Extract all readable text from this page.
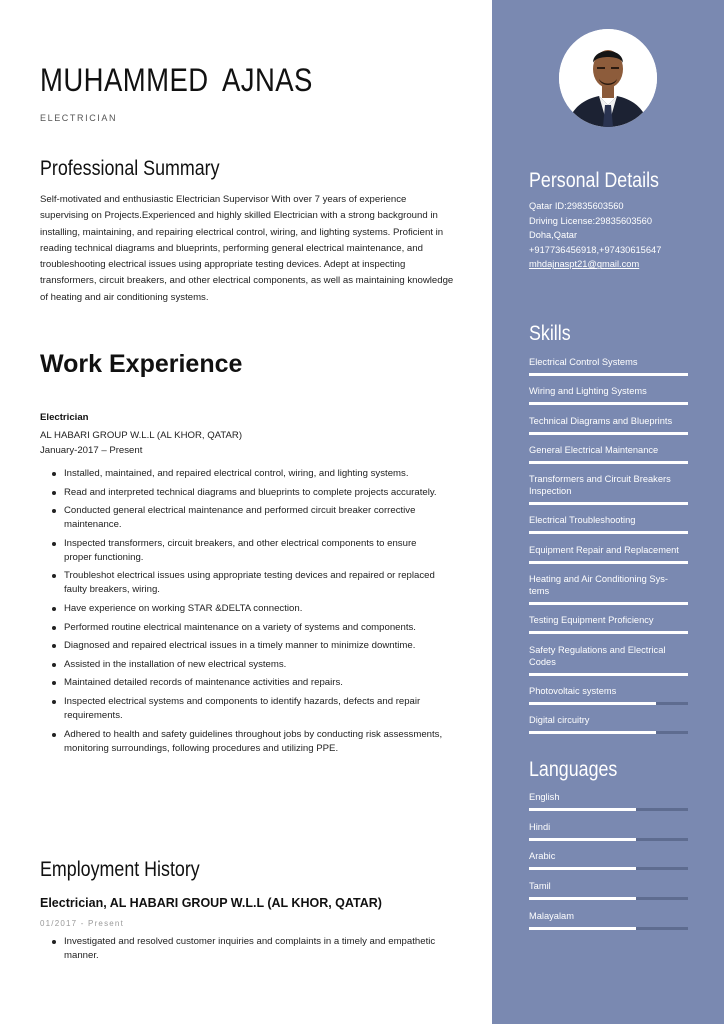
MUHAMMED AJNAS
ELECTRICIAN
Professional Summary

Self-motivated and enthusiastic Electrician Supervisor With over 7 years of experience supervising on Projects.Experienced and highly skilled Electrician with a strong background in installing, maintaining, and repairing electrical control, wiring, and lighting systems. Proficient in reading technical diagrams and blueprints, performing general electrical maintenance, and troubleshooting electrical issues using appropriate testing devices. Adept at inspecting transformers, circuit breakers, and other electrical components, as well as maintaining knowledge of heating and air conditioning systems.

Work Experience
Electrician
AL HABARI GROUP W.L.L (AL KHOR, QATAR)
January-2017 – Present
Installed, maintained, and repaired electrical control, wiring, and lighting systems.
Read and interpreted technical diagrams and blueprints to complete projects accurately.
Conducted general electrical maintenance and performed circuit breaker corrective maintenance.
Inspected transformers, circuit breakers, and other electrical components to ensure proper functioning.
Troubleshot electrical issues using appropriate testing devices and repaired or replaced faulty breakers, wiring.
Have experience on working STAR &DELTA connection.
Performed routine electrical maintenance on a variety of systems and components.
Diagnosed and repaired electrical issues in a timely manner to minimize downtime.
Assisted in the installation of new electrical systems.
Maintained detailed records of maintenance activities and repairs.
Inspected electrical systems and components to identify hazards, defects and repair requirements.
Adhered to health and safety guidelines throughout jobs by conducting risk assessments, monitoring surroundings, following procedures and utilizing PPE.
Employment History
Electrician, AL HABARI GROUP W.L.L (AL KHOR, QATAR)
01/2017 - Present
Investigated and resolved customer inquiries and complaints in a timely and empathetic manner.
Personal Details
Qatar ID:29835603560
Driving License:29835603560
Doha,Qatar
+917736456918,+97430615647
mhdajnaspt21@gmail.com
Skills
Electrical Control Systems
Wiring and Lighting Systems
Technical Diagrams and Blueprints
General Electrical Maintenance
Transformers and Circuit Breakers Inspection
Electrical Troubleshooting
Equipment Repair and Replacement
Heating and Air Conditioning Sys-tems
Testing Equipment Proficiency
Safety Regulations and Electrical Codes
Photovoltaic systems
Digital circuitry
Languages
English
Hindi
Arabic
Tamil
Malayalam
